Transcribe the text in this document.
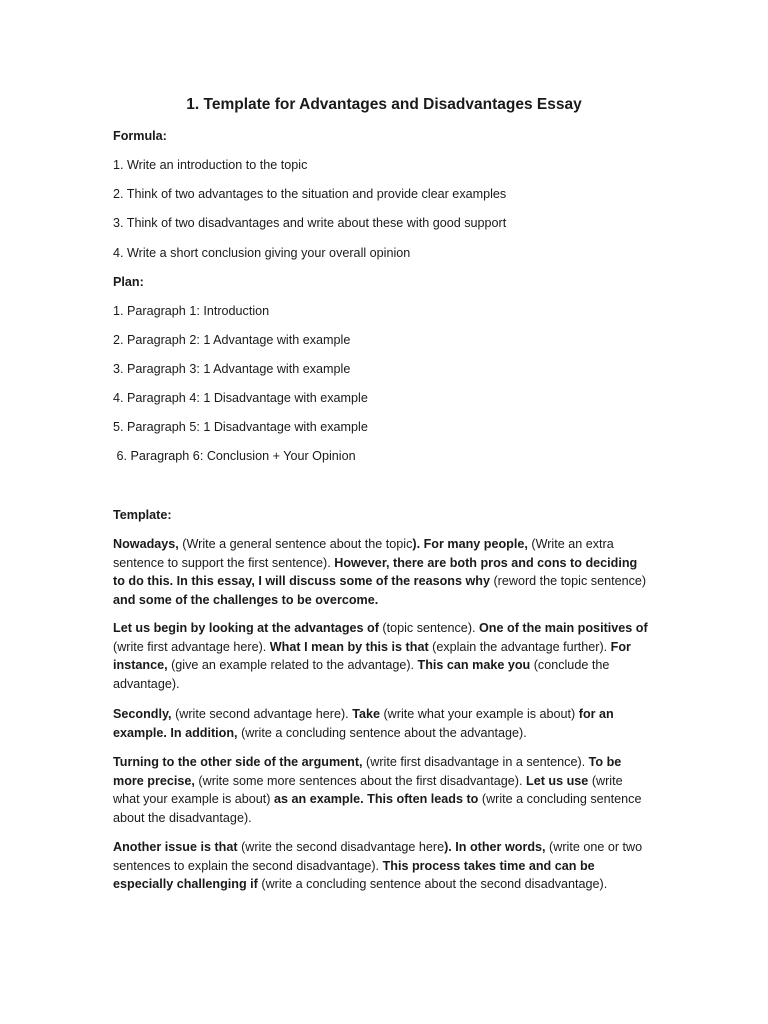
1. Template for Advantages and Disadvantages Essay

Formula:

1. Write an introduction to the topic

2. Think of two advantages to the situation and provide clear examples

3. Think of two disadvantages and write about these with good support

4. Write a short conclusion giving your overall opinion

Plan:

1. Paragraph 1: Introduction

2. Paragraph 2: 1 Advantage with example

3. Paragraph 3: 1 Advantage with example

4. Paragraph 4: 1 Disadvantage with example

5. Paragraph 5: 1 Disadvantage with example

6. Paragraph 6: Conclusion + Your Opinion

Template:

Nowadays, (Write a general sentence about the topic). For many people, (Write an extra sentence to support the first sentence). However, there are both pros and cons to deciding to do this. In this essay, I will discuss some of the reasons why (reword the topic sentence) and some of the challenges to be overcome.

Let us begin by looking at the advantages of (topic sentence). One of the main positives of (write first advantage here). What I mean by this is that (explain the advantage further). For instance, (give an example related to the advantage). This can make you (conclude the advantage).

Secondly, (write second advantage here). Take (write what your example is about) for an example. In addition, (write a concluding sentence about the advantage).

Turning to the other side of the argument, (write first disadvantage in a sentence). To be more precise, (write some more sentences about the first disadvantage). Let us use (write what your example is about) as an example. This often leads to (write a concluding sentence about the disadvantage).

Another issue is that (write the second disadvantage here). In other words, (write one or two sentences to explain the second disadvantage). This process takes time and can be especially challenging if (write a concluding sentence about the second disadvantage).
